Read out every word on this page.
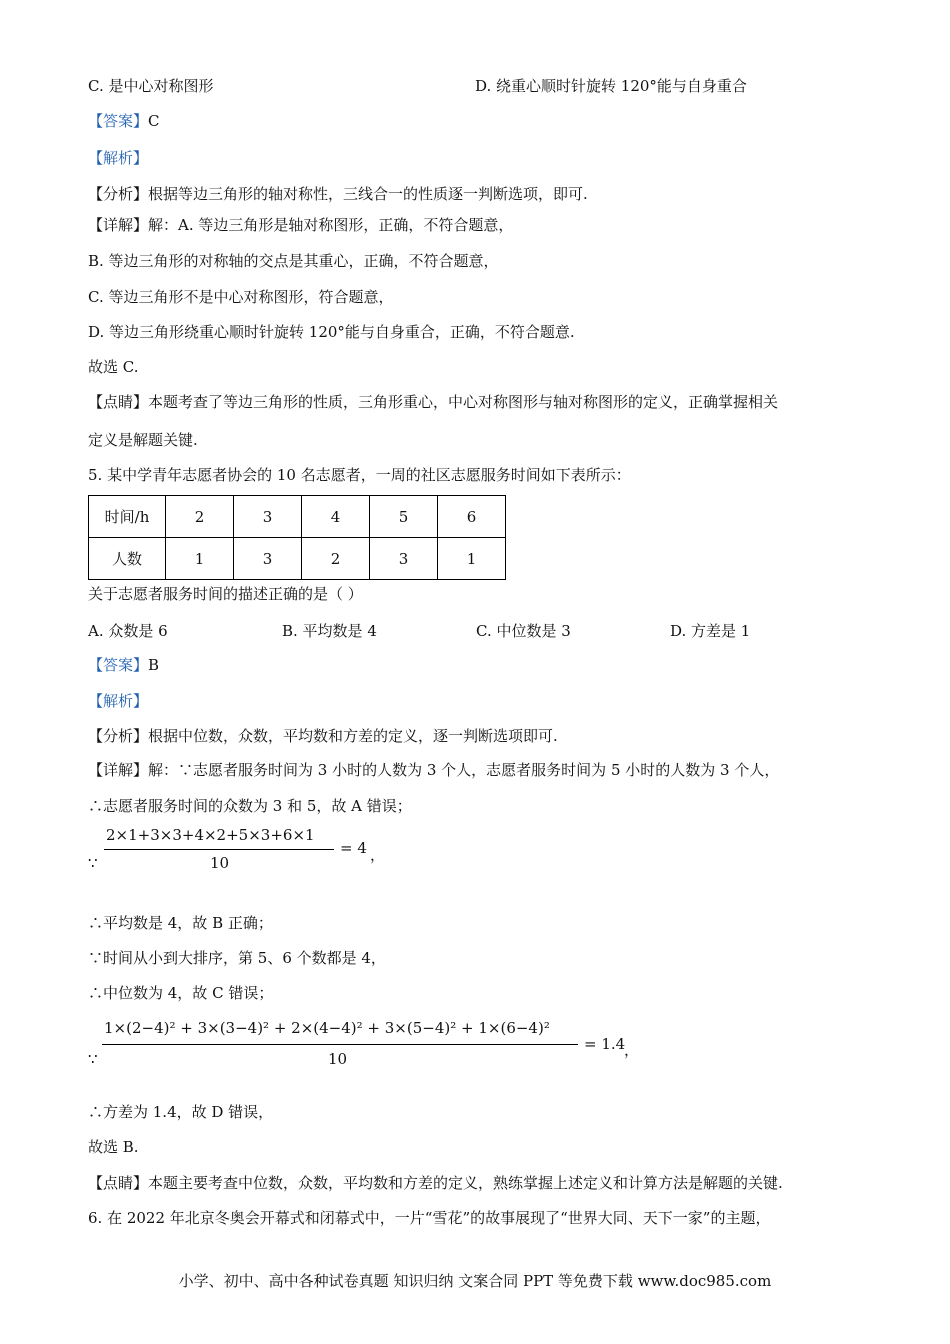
C. 是中心对称图形	D. 绕重心顺时针旋转 120°能与自身重合
【答案】C
【解析】
【分析】根据等边三角形的轴对称性，三线合一的性质逐一判断选项，即可.
【详解】解：A. 等边三角形是轴对称图形，正确，不符合题意，
B. 等边三角形的对称轴的交点是其重心，正确，不符合题意，
C. 等边三角形不是中心对称图形，符合题意，
D. 等边三角形绕重心顺时针旋转 120°能与自身重合，正确，不符合题意.
故选 C.
【点睛】本题考查了等边三角形的性质，三角形重心，中心对称图形与轴对称图形的定义，正确掌握相关
定义是解题关键.
5. 某中学青年志愿者协会的 10 名志愿者，一周的社区志愿服务时间如下表所示：
时间/h	2	3	4	5	6
人数	1	3	2	3	1
关于志愿者服务时间的描述正确的是（ ）
A. 众数是 6	B. 平均数是 4	C. 中位数是 3	D. 方差是 1
【答案】B
【解析】
【分析】根据中位数，众数，平均数和方差的定义，逐一判断选项即可.
【详解】解：∵志愿者服务时间为 3 小时的人数为 3 个人，志愿者服务时间为 5 小时的人数为 3 个人，
∴志愿者服务时间的众数为 3 和 5，故 A 错误；
2×1+3×3+4×2+5×3+6×1
10
∵
= 4 ，
∴平均数是 4，故 B 正确；
∵时间从小到大排序，第 5、6 个数都是 4，
∴中位数为 4，故 C 错误；
1×(2−4)² + 3×(3−4)² + 2×(4−4)² + 3×(5−4)² + 1×(6−4)²
10
∵
= 1.4
，
∴方差为 1.4，故 D 错误，
故选 B.
【点睛】本题主要考查中位数，众数，平均数和方差的定义，熟练掌握上述定义和计算方法是解题的关键.
6. 在 2022 年北京冬奥会开幕式和闭幕式中，一片“雪花”的故事展现了“世界大同、天下一家”的主题，
小学、初中、高中各种试卷真题 知识归纳 文案合同 PPT 等免费下载 www.doc985.com
